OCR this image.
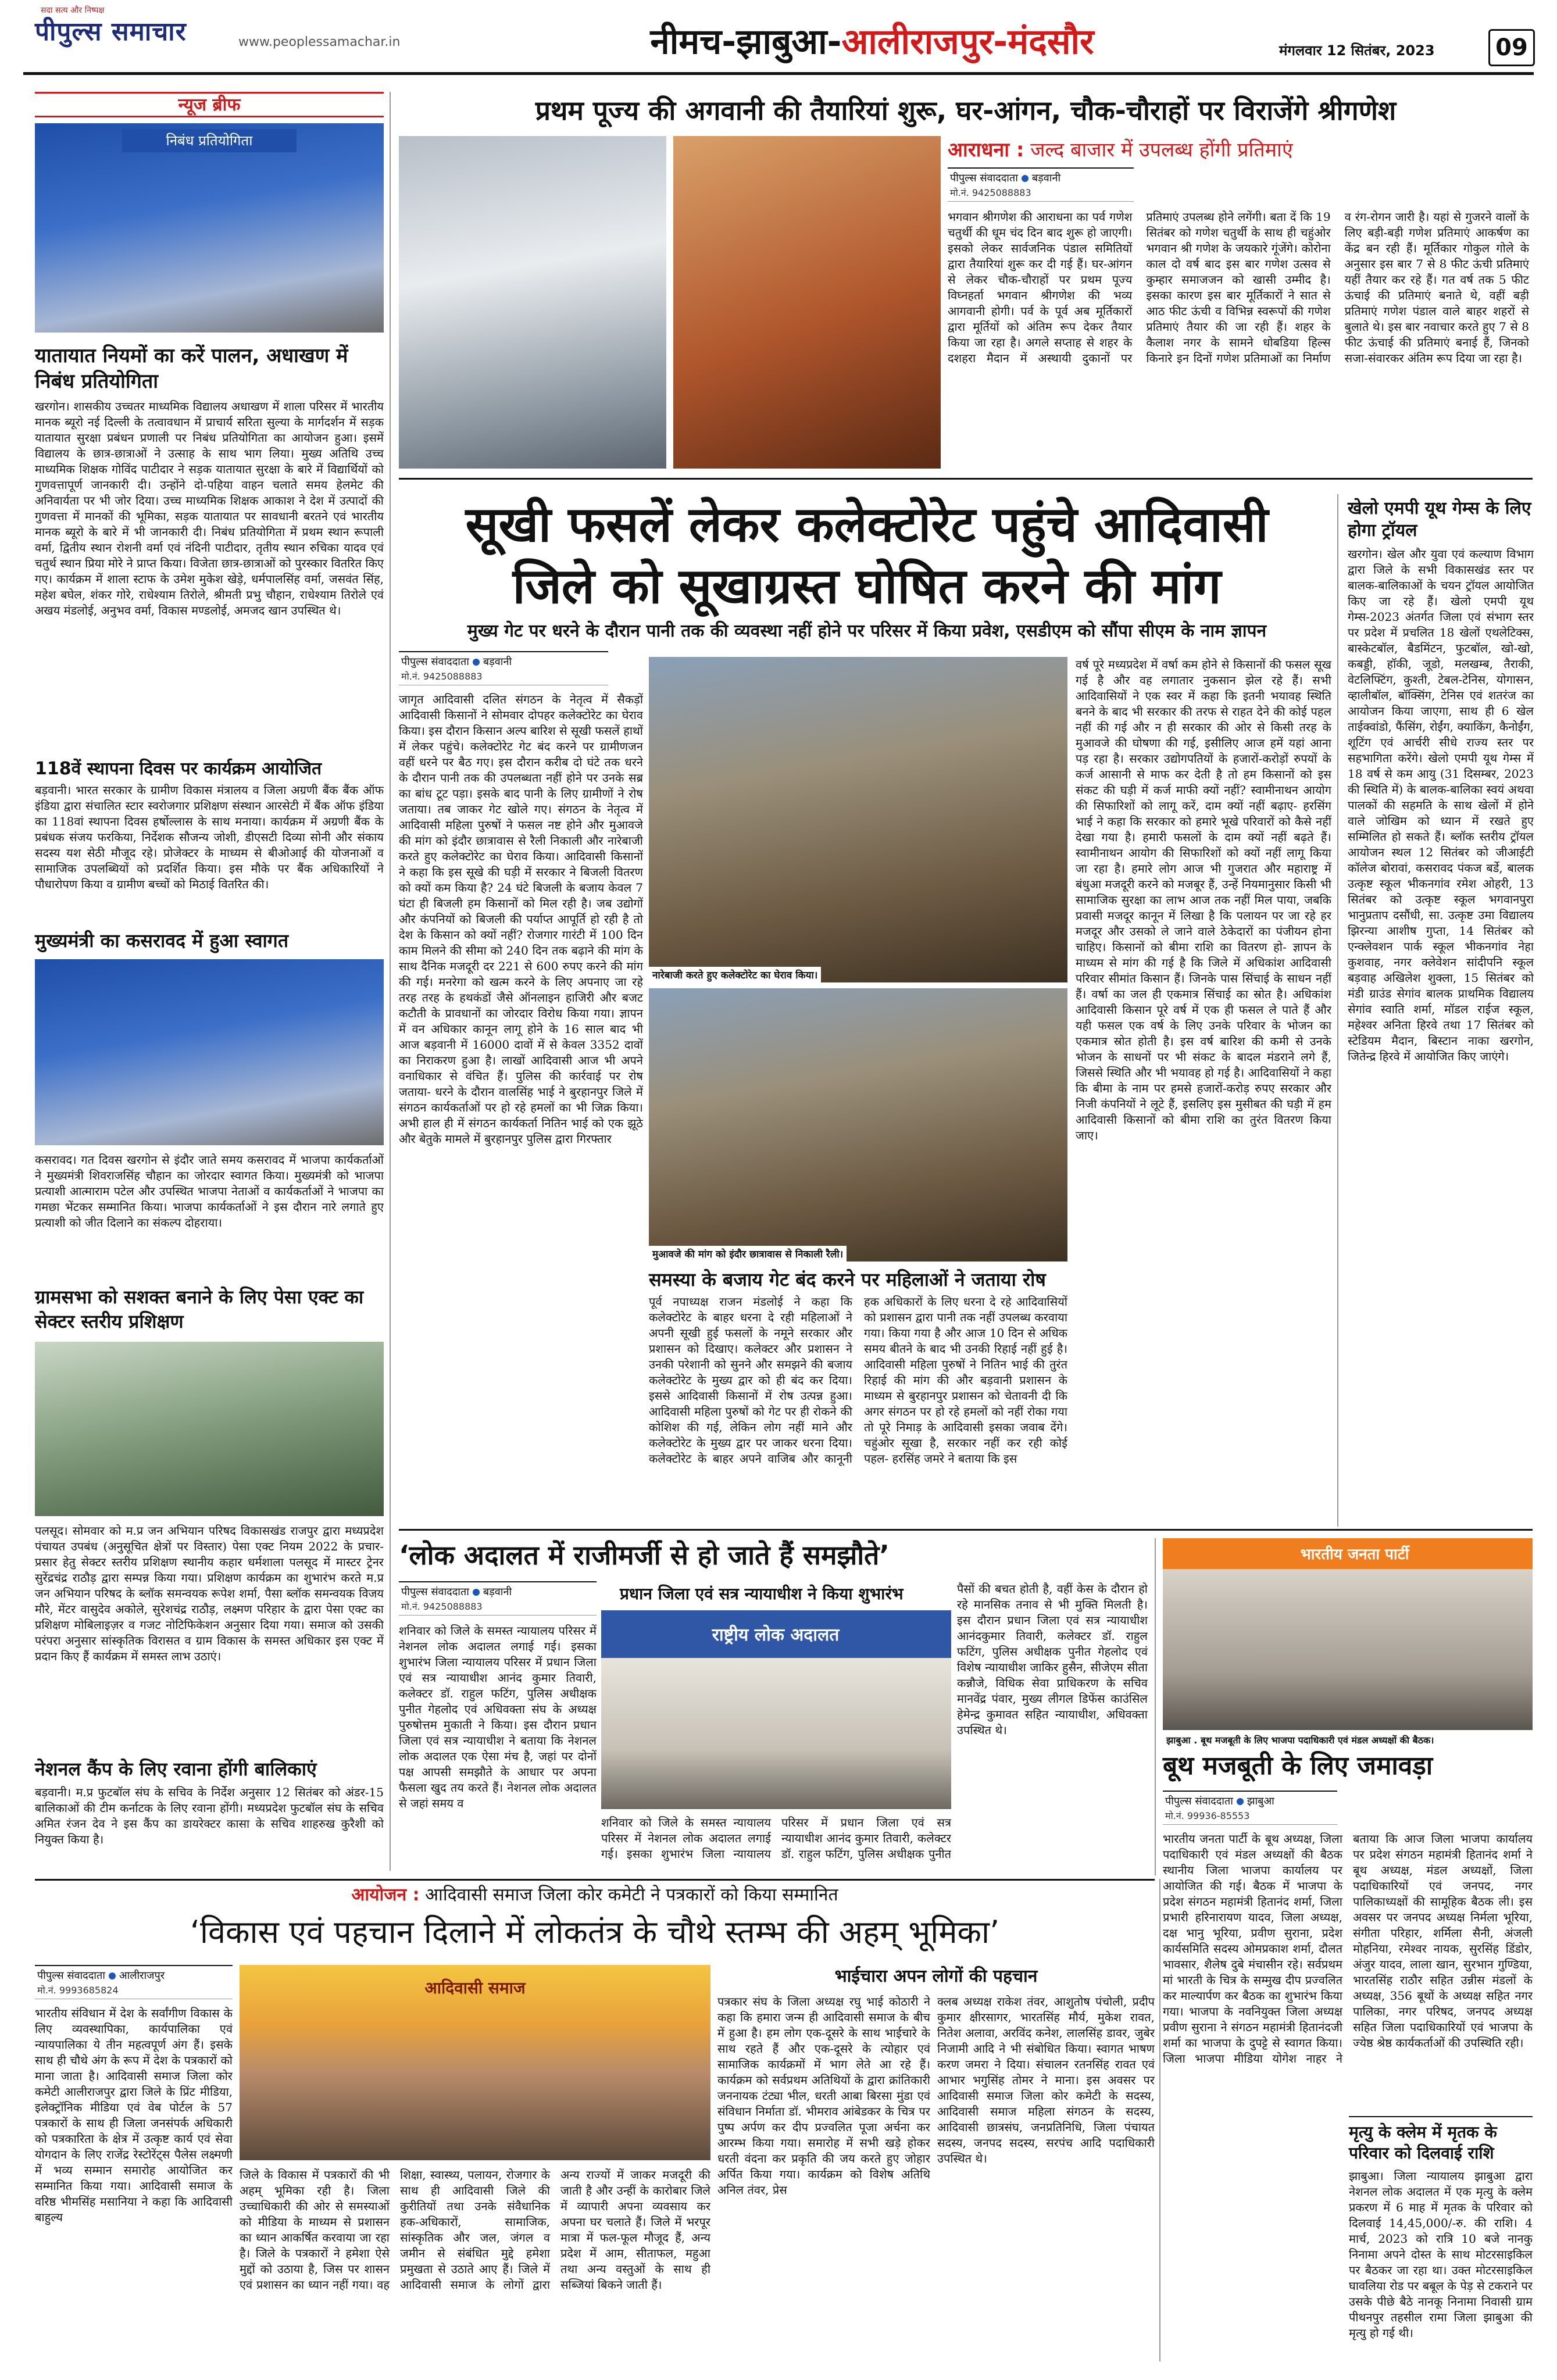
पीपुल्स समाचार
सदा सत्य और निष्पक्ष
www.peoplessamachar.in	नीमच-झाबुआ-आलीराजपुर-मंदसौर	मंगलवार 12 सितंबर, 2023	09
न्यूज ब्रीफ
निबंध प्रतियोगिता
यातायात नियमों का करें पालन, अधाखण में निबंध प्रतियोगिता
खरगोन। शासकीय उच्चतर माध्यमिक विद्यालय अधाखण में शाला परिसर में भारतीय मानक ब्यूरो नई दिल्ली के तत्वावधान में प्राचार्य सरिता सुल्या के मार्गदर्शन में सड़क यातायात सुरक्षा प्रबंधन प्रणाली पर निबंध प्रतियोगिता का आयोजन हुआ। इसमें विद्यालय के छात्र-छात्राओं ने उत्साह के साथ भाग लिया। मुख्य अतिथि उच्च माध्यमिक शिक्षक गोविंद पाटीदार ने सड़क यातायात सुरक्षा के बारे में विद्यार्थियों को गुणवत्तापूर्ण जानकारी दी। उन्होंने दो-पहिया वाहन चलाते समय हेलमेट की अनिवार्यता पर भी जोर दिया। उच्च माध्यमिक शिक्षक आकाश ने देश में उत्पादों की गुणवत्ता में मानकों की भूमिका, सड़क यातायात पर सावधानी बरतने एवं भारतीय मानक ब्यूरो के बारे में भी जानकारी दी। निबंध प्रतियोगिता में प्रथम स्थान रूपाली वर्मा, द्वितीय स्थान रोशनी वर्मा एवं नंदिनी पाटीदार, तृतीय स्थान रुचिका यादव एवं चतुर्थ स्थान प्रिया मोरे ने प्राप्त किया। विजेता छात्र-छात्राओं को पुरस्कार वितरित किए गए। कार्यक्रम में शाला स्टाफ के उमेश मुकेश खेड़े, धर्मपालसिंह वर्मा, जसवंत सिंह, महेश बघेल, शंकर गोरे, राधेश्याम तिरोले, श्रीमती प्रभु चौहान, राधेश्याम तिरोले एवं अखय मंडलोई, अनुभव वर्मा, विकास मण्डलोई, अमजद खान उपस्थित थे।
118वें स्थापना दिवस पर कार्यक्रम आयोजित
बड़वानी। भारत सरकार के ग्रामीण विकास मंत्रालय व जिला अग्रणी बैंक बैंक ऑफ इंडिया द्वारा संचालित स्टार स्वरोजगार प्रशिक्षण संस्थान आरसेटी में बैंक ऑफ इंडिया का 118वां स्थापना दिवस हर्षोल्लास के साथ मनाया। कार्यक्रम में अग्रणी बैंक के प्रबंधक संजय फरकिया, निर्देशक सौजन्य जोशी, डीएसटी दिव्या सोनी और संकाय सदस्य यश सेठी मौजूद रहे। प्रोजेक्टर के माध्यम से बीओआई की योजनाओं व सामाजिक उपलब्धियों को प्रदर्शित किया। इस मौके पर बैंक अधिकारियों ने पौधारोपण किया व ग्रामीण बच्चों को मिठाई वितरित की।
मुख्यमंत्री का कसरावद में हुआ स्वागत
कसरावद। गत दिवस खरगोन से इंदौर जाते समय कसरावद में भाजपा कार्यकर्ताओं ने मुख्यमंत्री शिवराजसिंह चौहान का जोरदार स्वागत किया। मुख्यमंत्री को भाजपा प्रत्याशी आत्माराम पटेल और उपस्थित भाजपा नेताओं व कार्यकर्ताओं ने भाजपा का गमछा भेंटकर सम्मानित किया। भाजपा कार्यकर्ताओं ने इस दौरान नारे लगाते हुए प्रत्याशी को जीत दिलाने का संकल्प दोहराया।
ग्रामसभा को सशक्त बनाने के लिए पेसा एक्ट का सेक्टर स्तरीय प्रशिक्षण
पलसूद। सोमवार को म.प्र जन अभियान परिषद विकासखंड राजपुर द्वारा मध्यप्रदेश पंचायत उपबंध (अनुसूचित क्षेत्रों पर विस्तार) पेसा एक्ट नियम 2022 के प्रचार-प्रसार हेतु सेक्टर स्तरीय प्रशिक्षण स्थानीय कहार धर्मशाला पलसूद में मास्टर ट्रेनर सुरेंद्रचंद्र राठौड़ द्वारा सम्पन्न किया गया। प्रशिक्षण कार्यक्रम का शुभारंभ करते म.प्र जन अभियान परिषद के ब्लॉक समन्वयक रूपेश शर्मा, पैसा ब्लॉक समन्वयक विजय मौरे, मेंटर वासुदेव अकोले, सुरेशचंद्र राठौड़, लक्ष्मण परिहार के द्वारा पेसा एक्ट का प्रशिक्षण मोबिलाइज़र व गजट नोटिफिकेशन अनुसार दिया गया। समाज को उसकी परंपरा अनुसार सांस्कृतिक विरासत व ग्राम विकास के समस्त अधिकार इस एक्ट में प्रदान किए हैं कार्यक्रम में समस्त लाभ उठाएं।
नेशनल कैंप के लिए रवाना होंगी बालिकाएं
बड़वानी। म.प्र फुटबॉल संघ के सचिव के निर्देश अनुसार 12 सितंबर को अंडर-15 बालिकाओं की टीम कर्नाटक के लिए रवाना होंगी। मध्यप्रदेश फुटबॉल संघ के सचिव अमित रंजन देव ने इस कैंप का डायरेक्टर कासा के सचिव शाहरुख कुरैशी को नियुक्त किया है।
प्रथम पूज्य की अगवानी की तैयारियां शुरू, घर-आंगन, चौक-चौराहों पर विराजेंगे श्रीगणेश
आराधना : जल्द बाजार में उपलब्ध होंगी प्रतिमाएं
पीपुल्स संवाददाता बड़वानी
मो.नं. 9425088883
भगवान श्रीगणेश की आराधना का पर्व गणेश चतुर्थी की धूम चंद दिन बाद शुरू हो जाएगी। इसको लेकर सार्वजनिक पंडाल समितियों द्वारा तैयारियां शुरू कर दी गई हैं। घर-आंगन से लेकर चौक-चौराहों पर प्रथम पूज्य विघ्नहर्ता भगवान श्रीगणेश की भव्य आगवानी होगी। पर्व के पूर्व अब मूर्तिकारों द्वारा मूर्तियों को अंतिम रूप देकर तैयार किया जा रहा है। अगले सप्ताह से शहर के दशहरा मैदान में अस्थायी दुकानों पर प्रतिमाएं उपलब्ध होने लगेंगी। बता दें कि 19 सितंबर को गणेश चतुर्थी के साथ ही चहुंओर भगवान श्री गणेश के जयकारे गूंजेंगे। कोरोना काल दो वर्ष बाद इस बार गणेश उत्सव से कुम्हार समाजजन को खासी उम्मीद है। इसका कारण इस बार मूर्तिकारों ने सात से आठ फीट ऊंची व विभिन्न स्वरूपों की गणेश प्रतिमाएं तैयार की जा रही हैं। शहर के कैलाश नगर के सामने धोबडिया हिल्स किनारे इन दिनों गणेश प्रतिमाओं का निर्माण व रंग-रोगन जारी है। यहां से गुजरने वालों के लिए बड़ी-बड़ी गणेश प्रतिमाएं आकर्षण का केंद्र बन रही हैं। मूर्तिकार गोकुल गोले के अनुसार इस बार 7 से 8 फीट ऊंची प्रतिमाएं यहीं तैयार कर रहे हैं। गत वर्ष तक 5 फीट ऊंचाई की प्रतिमाएं बनाते थे, वहीं बड़ी प्रतिमाएं गणेश पंडाल वाले बाहर शहरों से बुलाते थे। इस बार नवाचार करते हुए 7 से 8 फीट ऊंचाई की प्रतिमाएं बनाई हैं, जिनको सजा-संवारकर अंतिम रूप दिया जा रहा है।
सूखी फसलें लेकर कलेक्टोरेट पहुंचे आदिवासी
जिले को सूखाग्रस्त घोषित करने की मांग
मुख्य गेट पर धरने के दौरान पानी तक की व्यवस्था नहीं होने पर परिसर में किया प्रवेश, एसडीएम को सौंपा सीएम के नाम ज्ञापन
पीपुल्स संवाददाता बड़वानी
मो.नं. 9425088883
जागृत आदिवासी दलित संगठन के नेतृत्व में सैकड़ों आदिवासी किसानों ने सोमवार दोपहर कलेक्टोरेट का घेराव किया। इस दौरान किसान अल्प बारिश से सूखी फसलें हाथों में लेकर पहुंचे। कलेक्टोरेट गेट बंद करने पर ग्रामीणजन वहीं धरने पर बैठ गए। इस दौरान करीब दो घंटे तक धरने के दौरान पानी तक की उपलब्धता नहीं होने पर उनके सब्र का बांध टूट पड़ा। इसके बाद पानी के लिए ग्रामीणों ने रोष जताया। तब जाकर गेट खोले गए। संगठन के नेतृत्व में आदिवासी महिला पुरुषों ने फसल नष्ट होने और मुआवजे की मांग को इंदौर छात्रावास से रैली निकाली और नारेबाजी करते हुए कलेक्टोरेट का घेराव किया। आदिवासी किसानों ने कहा कि इस सूखे की घड़ी में सरकार ने बिजली वितरण को क्यों कम किया है? 24 घंटे बिजली के बजाय केवल 7 घंटा ही बिजली हम किसानों को मिल रही है। जब उद्योगों और कंपनियों को बिजली की पर्याप्त आपूर्ति हो रही है तो देश के किसान को क्यों नहीं? रोजगार गारंटी में 100 दिन काम मिलने की सीमा को 240 दिन तक बढ़ाने की मांग के साथ दैनिक मजदूरी दर 221 से 600 रुपए करने की मांग की गई। मनरेगा को खत्म करने के लिए अपनाए जा रहे तरह तरह के हथकंडों जैसे ऑनलाइन हाजिरी और बजट कटौती के प्रावधानों का जोरदार विरोध किया गया। ज्ञापन में वन अधिकार कानून लागू होने के 16 साल बाद भी आज बड़वानी में 16000 दावों में से केवल 3352 दावों का निराकरण हुआ है। लाखों आदिवासी आज भी अपने वनाधिकार से वंचित हैं। पुलिस की कार्रवाई पर रोष जताया- धरने के दौरान वालसिंह भाई ने बुरहानपुर जिले में संगठन कार्यकर्ताओं पर हो रहे हमलों का भी जिक्र किया। अभी हाल ही में संगठन कार्यकर्ता नितिन भाई को एक झूठे और बेतुके मामले में बुरहानपुर पुलिस द्वारा गिरफ्तार
नारेबाजी करते हुए कलेक्टोरेट का घेराव किया।
मुआवजे की मांग को इंदौर छात्रावास से निकाली रैली।
वर्ष पूरे मध्यप्रदेश में वर्षा कम होने से किसानों की फसल सूख गई है और वह लगातार नुकसान झेल रहे हैं। सभी आदिवासियों ने एक स्वर में कहा कि इतनी भयावह स्थिति बनने के बाद भी सरकार की तरफ से राहत देने की कोई पहल नहीं की गई और न ही सरकार की ओर से किसी तरह के मुआवजे की घोषणा की गई, इसीलिए आज हमें यहां आना पड़ रहा है। सरकार उद्योगपतियों के हजारों-करोड़ों रुपयों के कर्ज आसानी से माफ कर देती है तो हम किसानों को इस संकट की घड़ी में कर्ज माफी क्यों नहीं? स्वामीनाथन आयोग की सिफारिशों को लागू करें, दाम क्यों नहीं बढ़ाए- हरसिंग भाई ने कहा कि सरकार को हमारे भूखे परिवारों को कैसे नहीं देखा गया है। हमारी फसलों के दाम क्यों नहीं बढ़ते हैं। स्वामीनाथन आयोग की सिफारिशों को क्यों नहीं लागू किया जा रहा है। हमारे लोग आज भी गुजरात और महाराष्ट्र में बंधुआ मजदूरी करने को मजबूर हैं, उन्हें नियमानुसार किसी भी सामाजिक सुरक्षा का लाभ आज तक नहीं मिल पाया, जबकि प्रवासी मजदूर कानून में लिखा है कि पलायन पर जा रहे हर मजदूर और उसको ले जाने वाले ठेकेदारों का पंजीयन होना चाहिए। किसानों को बीमा राशि का वितरण हो- ज्ञापन के माध्यम से मांग की गई है कि जिले में अधिकांश आदिवासी परिवार सीमांत किसान हैं। जिनके पास सिंचाई के साधन नहीं हैं। वर्षा का जल ही एकमात्र सिंचाई का स्रोत है। अधिकांश आदिवासी किसान पूरे वर्ष में एक ही फसल ले पाते हैं और यही फसल एक वर्ष के लिए उनके परिवार के भोजन का एकमात्र स्रोत होती है। इस वर्ष बारिश की कमी से उनके भोजन के साधनों पर भी संकट के बादल मंडराने लगे हैं, जिससे स्थिति और भी भयावह हो गई है। आदिवासियों ने कहा कि बीमा के नाम पर हमसे हजारों-करोड़ रुपए सरकार और निजी कंपनियों ने लूटे हैं, इसलिए इस मुसीबत की घड़ी में हम आदिवासी किसानों को बीमा राशि का तुरंत वितरण किया जाए।
समस्या के बजाय गेट बंद करने पर महिलाओं ने जताया रोष
पूर्व नपाध्यक्ष राजन मंडलोई ने कहा कि कलेक्टोरेट के बाहर धरना दे रही महिलाओं ने अपनी सूखी हुई फसलों के नमूने सरकार और प्रशासन को दिखाए। कलेक्टर और प्रशासन ने उनकी परेशानी को सुनने और समझने की बजाय कलेक्टोरेट के मुख्य द्वार को ही बंद कर दिया। इससे आदिवासी किसानों में रोष उत्पन्न हुआ। आदिवासी महिला पुरुषों को गेट पर ही रोकने की कोशिश की गई, लेकिन लोग नहीं माने और कलेक्टोरेट के मुख्य द्वार पर जाकर धरना दिया। कलेक्टोरेट के बाहर अपने वाजिब और कानूनी हक अधिकारों के लिए धरना दे रहे आदिवासियों को प्रशासन द्वारा पानी तक नहीं उपलब्ध करवाया गया। किया गया है और आज 10 दिन से अधिक समय बीतने के बाद भी उनकी रिहाई नहीं हुई है। आदिवासी महिला पुरुषों ने नितिन भाई की तुरंत रिहाई की मांग की और बड़वानी प्रशासन के माध्यम से बुरहानपुर प्रशासन को चेतावनी दी कि अगर संगठन पर हो रहे हमलों को नहीं रोका गया तो पूरे निमाड़ के आदिवासी इसका जवाब देंगे। चहुंओर सूखा है, सरकार नहीं कर रही कोई पहल- हरसिंह जमरे ने बताया कि इस
खेलो एमपी यूथ गेम्स के लिए होगा ट्रॉयल
खरगोन। खेल और युवा एवं कल्याण विभाग द्वारा जिले के सभी विकासखंड स्तर पर बालक-बालिकाओं के चयन ट्रॉयल आयोजित किए जा रहे हैं। खेलो एमपी यूथ गेम्स-2023 अंतर्गत जिला एवं संभाग स्तर पर प्रदेश में प्रचलित 18 खेलों एथलेटिक्स, बास्केटबॉल, बैडमिंटन, फुटबॉल, खो-खो, कबड्डी, हॉकी, जूडो, मलखम्ब, तैराकी, वेटलिफ्टिंग, कुश्ती, टेबल-टेनिस, योगासन, व्हालीबॉल, बॉक्सिंग, टेनिस एवं शतरंज का आयोजन किया जाएगा, साथ ही 6 खेल ताईक्वांडो, फैंसिंग, रोईंग, क्याकिंग, कैनोईंग, शूटिंग एवं आर्चरी सीधे राज्य स्तर पर सहभागिता करेंगे। खेलो एमपी यूथ गेम्स में 18 वर्ष से कम आयु (31 दिसम्बर, 2023 की स्थिति में) के बालक-बालिका स्वयं अथवा पालकों की सहमति के साथ खेलों में होने वाले जोखिम को ध्यान में रखते हुए सम्मिलित हो सकते हैं। ब्लॉक स्तरीय ट्रॉयल आयोजन स्थल 12 सितंबर को जीआईटी कॉलेज बोरावां, कसरावद पंकज बर्डे, बालक उत्कृष्ट स्कूल भीकनगांव रमेश ओहरी, 13 सितंबर को उत्कृष्ट स्कूल भगवानपुरा भानुप्रताप दसौंधी, सा. उत्कृष्ट उमा विद्यालय झिरन्या आशीष गुप्ता, 14 सितंबर को एन्क्लेवशन पार्क स्कूल भीकनगांव नेहा कुशवाह, नगर क्लेवेशन सांदीपनि स्कूल बड़वाह अखिलेश शुक्ला, 15 सितंबर को मंडी ग्राउंड सेगांव बालक प्राथमिक विद्यालय सेगांव स्वाति शर्मा, मॉडल राईज स्कूल, महेश्वर अनिता हिरवे तथा 17 सितंबर को स्टेडियम मैदान, बिस्टान नाका खरगोन, जितेन्द्र हिरवे में आयोजित किए जाएंगे।
‘लोक अदालत में राजीमर्जी से हो जाते हैं समझौते’
पीपुल्स संवाददाता बड़वानी
मो.नं. 9425088883
प्रधान जिला एवं सत्र न्यायाधीश ने किया शुभारंभ
राष्ट्रीय लोक अदालत
शनिवार को जिले के समस्त न्यायालय परिसर में नेशनल लोक अदालत लगाई गई। इसका शुभारंभ जिला न्यायालय परिसर में प्रधान जिला एवं सत्र न्यायाधीश आनंद कुमार तिवारी, कलेक्टर डॉ. राहुल फटिंग, पुलिस अधीक्षक पुनीत गेहलोद एवं अधिवक्ता संघ के अध्यक्ष पुरुषोत्तम मुकाती ने किया। इस दौरान प्रधान जिला एवं सत्र न्यायाधीश ने बताया कि नेशनल लोक अदालत एक ऐसा मंच है, जहां पर दोनों पक्ष आपसी समझौते के आधार पर अपना फैसला खुद तय करते हैं। नेशनल लोक अदालत से जहां समय व
शनिवार को जिले के समस्त न्यायालय परिसर में नेशनल लोक अदालत लगाई गई। इसका शुभारंभ जिला न्यायालय परिसर में प्रधान जिला एवं सत्र न्यायाधीश आनंद कुमार तिवारी, कलेक्टर डॉ. राहुल फटिंग, पुलिस अधीक्षक पुनीत
पैसों की बचत होती है, वहीं केस के दौरान हो रहे मानसिक तनाव से भी मुक्ति मिलती है। इस दौरान प्रधान जिला एवं सत्र न्यायाधीश आनंदकुमार तिवारी, कलेक्टर डॉ. राहुल फटिंग, पुलिस अधीक्षक पुनीत गेहलोद एवं विशेष न्यायाधीश जाकिर हुसैन, सीजेएम सीता कन्नौजे, विधिक सेवा प्राधिकरण के सचिव मानवेंद्र पंवार, मुख्य लीगल डिफेंस काउंसिल हेमेन्द्र कुमावत सहित न्यायाधीश, अधिवक्ता उपस्थित थे।
भारतीय जनता पार्टी
झाबुआ . बूथ मजबूती के लिए भाजपा पदाधिकारी एवं मंडल अध्यक्षों की बैठक।
बूथ मजबूती के लिए जमावड़ा
पीपुल्स संवाददाता झाबुआ
मो.नं. 99936-85553
भारतीय जनता पार्टी के बूथ अध्यक्ष, जिला पदाधिकारी एवं मंडल अध्यक्षों की बैठक स्थानीय जिला भाजपा कार्यालय पर आयोजित की गई। बैठक में भाजपा के प्रदेश संगठन महामंत्री हितानंद शर्मा, जिला प्रभारी हरिनारायण यादव, जिला अध्यक्ष, दक्ष भानु भूरिया, प्रवीण सुराना, प्रदेश कार्यसमिति सदस्य ओमप्रकाश शर्मा, दौलत भावसार, शैलेष दुबे मंचासीन रहे। सर्वप्रथम मां भारती के चित्र के सम्मुख दीप प्रज्वलित कर माल्यार्पण कर बैठक का शुभारंभ किया गया। भाजपा के नवनियुक्त जिला अध्यक्ष प्रवीण सुराना ने संगठन महामंत्री हितानंदजी शर्मा का भाजपा के दुपट्टे से स्वागत किया। जिला भाजपा मीडिया योगेश नाहर ने बताया कि आज जिला भाजपा कार्यालय पर प्रदेश संगठन महामंत्री हितानंद शर्मा ने बूथ अध्यक्ष, मंडल अध्यक्षों, जिला पदाधिकारियों एवं जनपद, नगर पालिकाध्यक्षों की सामूहिक बैठक ली। इस अवसर पर जनपद अध्यक्ष निर्मला भूरिया, संगीता परिहार, शर्मिला सैनी, अंजली मोहनिया, रमेश्वर नायक, सुरसिंह डिंडोर, अंजुर यादव, लाला खान, सुरभान गुण्डिया, भारतसिंह राठौर सहित उन्नीस मंडलों के अध्यक्ष, 356 बूथों के अध्यक्ष सहित नगर पालिका, नगर परिषद, जनपद अध्यक्ष सहित जिला पदाधिकारियों एवं भाजपा के ज्येष्ठ श्रेष्ठ कार्यकर्ताओं की उपस्थिति रही।
मृत्यु के क्लेम में मृतक के परिवार को दिलवाई राशि
झाबुआ। जिला न्यायालय झाबुआ द्वारा नेशनल लोक अदालत में एक मृत्यु के क्लेम प्रकरण में 6 माह में मृतक के परिवार को दिलवाई 14,45,000/-रु. की राशि। 4 मार्च, 2023 को रात्रि 10 बजे नानकु निनामा अपने दोस्त के साथ मोटरसाइकिल पर बैठकर जा रहा था। उक्त मोटरसाइकिल घावलिया रोड पर बबूल के पेड़ से टकराने पर उसके पीछे बैठे नानकू निनामा निवासी ग्राम पीथनपुर तहसील रामा जिला झाबुआ की मृत्यु हो गई थी।
आयोजन : आदिवासी समाज जिला कोर कमेटी ने पत्रकारों को किया सम्मानित
‘विकास एवं पहचान दिलाने में लोकतंत्र के चौथे स्तम्भ की अहम् भूमिका’
पीपुल्स संवाददाता आलीराजपुर
मो.नं. 9993685824
भारतीय संविधान में देश के सर्वांगीण विकास के लिए व्यवस्थापिका, कार्यपालिका एवं न्यायपालिका ये तीन महत्वपूर्ण अंग हैं। इसके साथ ही चौथे अंग के रूप में देश के पत्रकारों को माना जाता है। आदिवासी समाज जिला कोर कमेटी आलीराजपुर द्वारा जिले के प्रिंट मीडिया, इलेक्ट्रॉनिक मीडिया एवं वेब पोर्टल के 57 पत्रकारों के साथ ही जिला जनसंपर्क अधिकारी को पत्रकारिता के क्षेत्र में उत्कृष्ट कार्य एवं सेवा योगदान के लिए राजेंद्र रेस्टोरेंट्स पैलेस लक्ष्मणी में भव्य सम्मान समारोह आयोजित कर सम्मानित किया गया। आदिवासी समाज के वरिष्ठ भीमसिंह मसानिया ने कहा कि आदिवासी बाहुल्य
आदिवासी समाज
जिले के विकास में पत्रकारों की भी अहम् भूमिका रही है। जिला उच्चाधिकारी की ओर से समस्याओं को मीडिया के माध्यम से प्रशासन का ध्यान आकर्षित करवाया जा रहा है। जिले के पत्रकारों ने हमेशा ऐसे मुद्दों को उठाया है, जिस पर शासन एवं प्रशासन का ध्यान नहीं गया। वह शिक्षा, स्वास्थ्य, पलायन, रोजगार के साथ ही आदिवासी जिले की कुरीतियों तथा उनके संवैधानिक हक-अधिकारों, सामाजिक, सांस्कृतिक और जल, जंगल व जमीन से संबंधित मुद्दे हमेशा प्रमुखता से उठाते आए हैं। जिले में आदिवासी समाज के लोगों द्वारा अन्य राज्यों में जाकर मजदूरी की जाती है और उन्हीं के कारोबार जिले में व्यापारी अपना व्यवसाय कर अपना घर चलाते हैं। जिले में भरपूर मात्रा में फल-फूल मौजूद हैं, अन्य प्रदेश में आम, सीताफल, महुआ तथा अन्य वस्तुओं के साथ ही सब्जियां बिकने जाती हैं।
भाईचारा अपन लोगों की पहचान
पत्रकार संघ के जिला अध्यक्ष रघु भाई कोठारी ने कहा कि हमारा जन्म ही आदिवासी समाज के बीच में हुआ है। हम लोग एक-दूसरे के साथ भाईचारे के साथ रहते हैं और एक-दूसरे के त्योहार एवं सामाजिक कार्यक्रमों में भाग लेते आ रहे हैं। कार्यक्रम को सर्वप्रथम अतिथियों के द्वारा क्रांतिकारी जननायक टंट्या भील, धरती आबा बिरसा मुंडा एवं संविधान निर्माता डॉ. भीमराव आंबेडकर के चित्र पर पुष्प अर्पण कर दीप प्रज्वलित पूजा अर्चना कर आरम्भ किया गया। समारोह में सभी खड़े होकर धरती वंदना कर प्रकृति की जय करते हुए जोहार अर्पित किया गया। कार्यक्रम को विशेष अतिथि अनिल तंवर, प्रेस
क्लब अध्यक्ष राकेश तंवर, आशुतोष पंचोली, प्रदीप कुमार क्षीरसागर, भारतसिंह मौर्य, मुकेश रावत, नितेश अलावा, अरविंद कनेश, लालसिंह डावर, जुबेर निजामी आदि ने भी संबोधित किया। स्वागत भाषण करण जमरा ने दिया। संचालन रतनसिंह रावत एवं आभार भगुसिंह तोमर ने माना। इस अवसर पर आदिवासी समाज जिला कोर कमेटी के सदस्य, आदिवासी समाज महिला संगठन के सदस्य, आदिवासी छात्रसंघ, जनप्रतिनिधि, जिला पंचायत सदस्य, जनपद सदस्य, सरपंच आदि पदाधिकारी उपस्थित थे।
